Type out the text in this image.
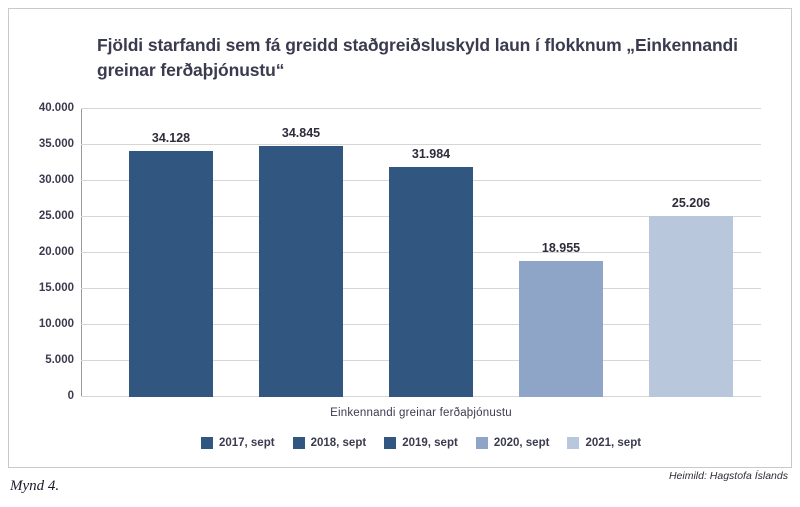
Fjöldi starfandi sem fá greidd staðgreiðsluskyld laun í flokknum „Einkennandi greinar ferðaþjónustu“
40.000
35.000
30.000
25.000
20.000
15.000
10.000
5.000
0
34.128	34.845
31.984
18.955
25.206
Einkennandi greinar ferðaþjónustu
2017, sept	2018, sept	2019, sept	2020, sept	2021, sept
Heimild: Hagstofa Íslands
Mynd 4.
